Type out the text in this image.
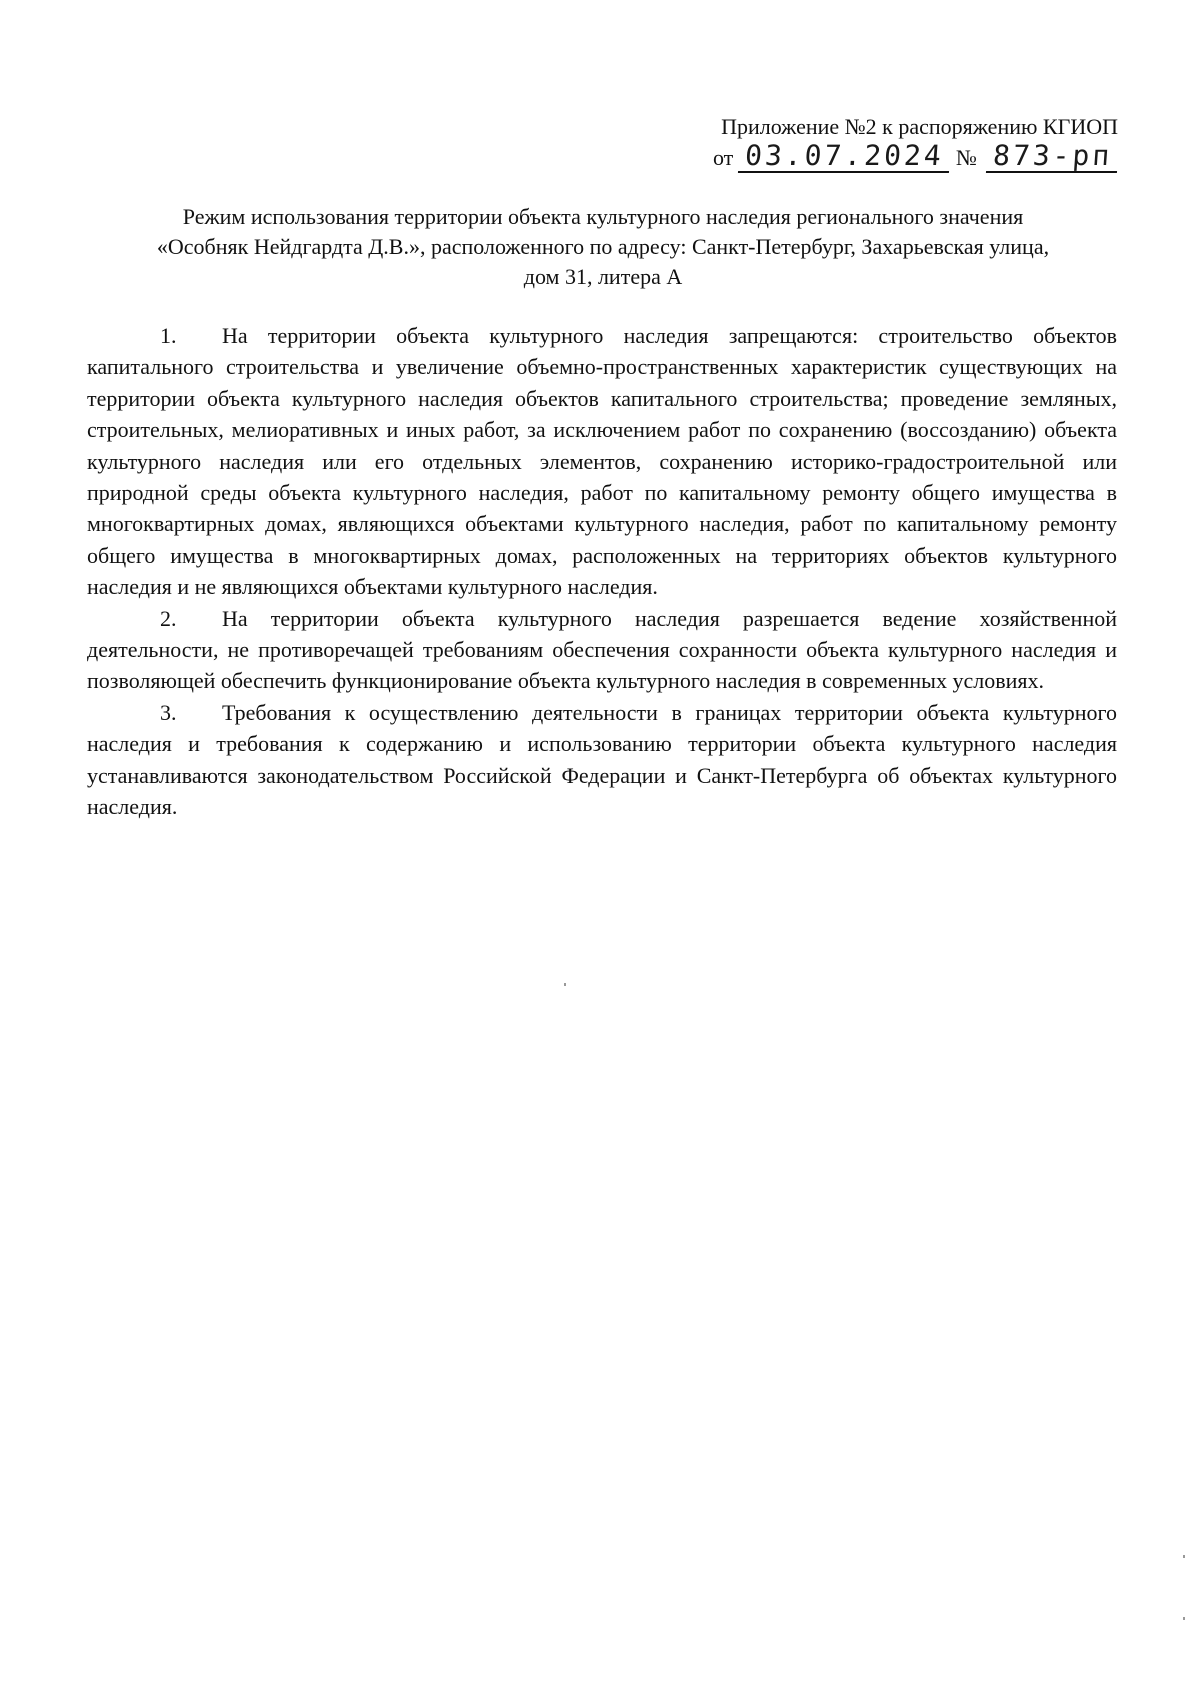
Приложение №2 к распоряжению КГИОП
от 03.07.2024 № 873-рп
Режим использования территории объекта культурного наследия регионального значения
«Особняк Нейдгардта Д.В.», расположенного по адресу: Санкт-Петербург, Захарьевская улица,
дом 31, литера А

1. На территории объекта культурного наследия запрещаются: строительство объектов капитального строительства и увеличение объемно-пространственных характеристик существующих на территории объекта культурного наследия объектов капитального строительства; проведение земляных, строительных, мелиоративных и иных работ, за исключением работ по сохранению (воссозданию) объекта культурного наследия или его отдельных элементов, сохранению историко-градостроительной или природной среды объекта культурного наследия, работ по капитальному ремонту общего имущества в многоквартирных домах, являющихся объектами культурного наследия, работ по капитальному ремонту общего имущества в многоквартирных домах, расположенных на территориях объектов культурного наследия и не являющихся объектами культурного наследия.

2. На территории объекта культурного наследия разрешается ведение хозяйственной деятельности, не противоречащей требованиям обеспечения сохранности объекта культурного наследия и позволяющей обеспечить функционирование объекта культурного наследия в современных условиях.

3. Требования к осуществлению деятельности в границах территории объекта культурного наследия и требования к содержанию и использованию территории объекта культурного наследия устанавливаются законодательством Российской Федерации и Санкт-Петербурга об объектах культурного наследия.
